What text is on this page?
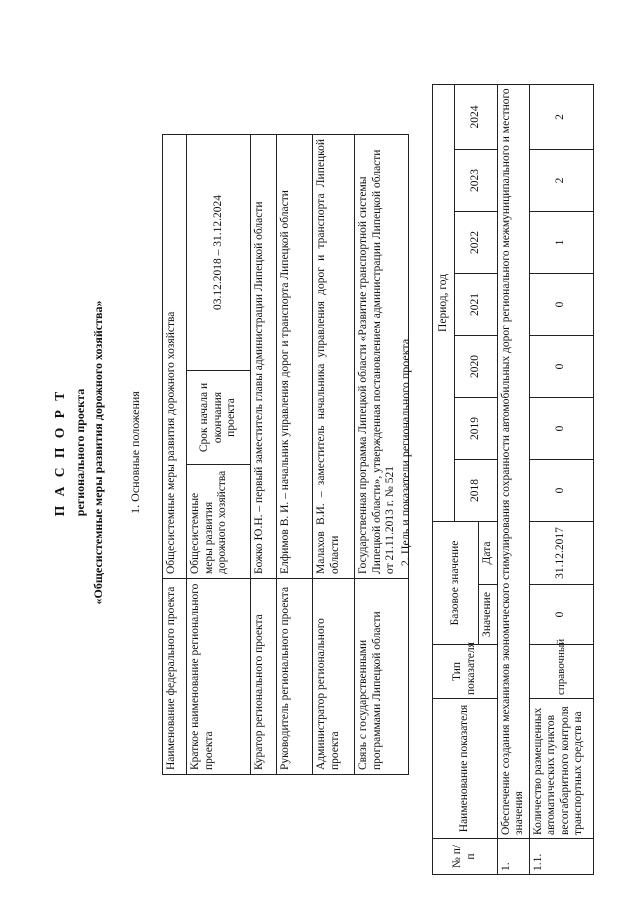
П А С П О Р Т регионального проекта «Общесистемные меры развития дорожного хозяйства» 1. Основные положения
Наименование федерального проекта	Общесистемные меры развития дорожного хозяйства		
Краткое наименование регионального проекта	Общесистемные меры развития дорожного хозяйства	Срок начала и окончания проекта	03.12.2018 – 31.12.2024
Куратор регионального проекта	Божко Ю.Н. – первый заместитель главы администрации Липецкой области		
Руководитель регионального проекта	Елфимов В. И. – начальник управления дорог и транспорта Липецкой области		
Администратор регионального проекта	Малахов В.И. – заместитель начальника управления дорог и транспорта Липецкой области		
Связь с государственными программами Липецкой области	Государственная программа Липецкой области «Развитие транспортной системы Липецкой области», утвержденная постановлением администрации Липецкой области от 21.11.2013 г. № 521		2. Цель и показатели регионального проекта
№ п/п	Наименование показателя	Тип показателя	Базовое значение		Период, год						
					2018	2019	2020	2021	2022	2023	2024
			Значение	Дата							
1.	Обеспечение создания механизмов экономического стимулирования сохранности автомобильных дорог регионального межмуниципального и местного значения										
1.1.	Количество размещенных автоматических пунктов весогабаритного контроля транспортных средств на	справочный	0	31.12.2017	0	0	0	0	1	2	2
